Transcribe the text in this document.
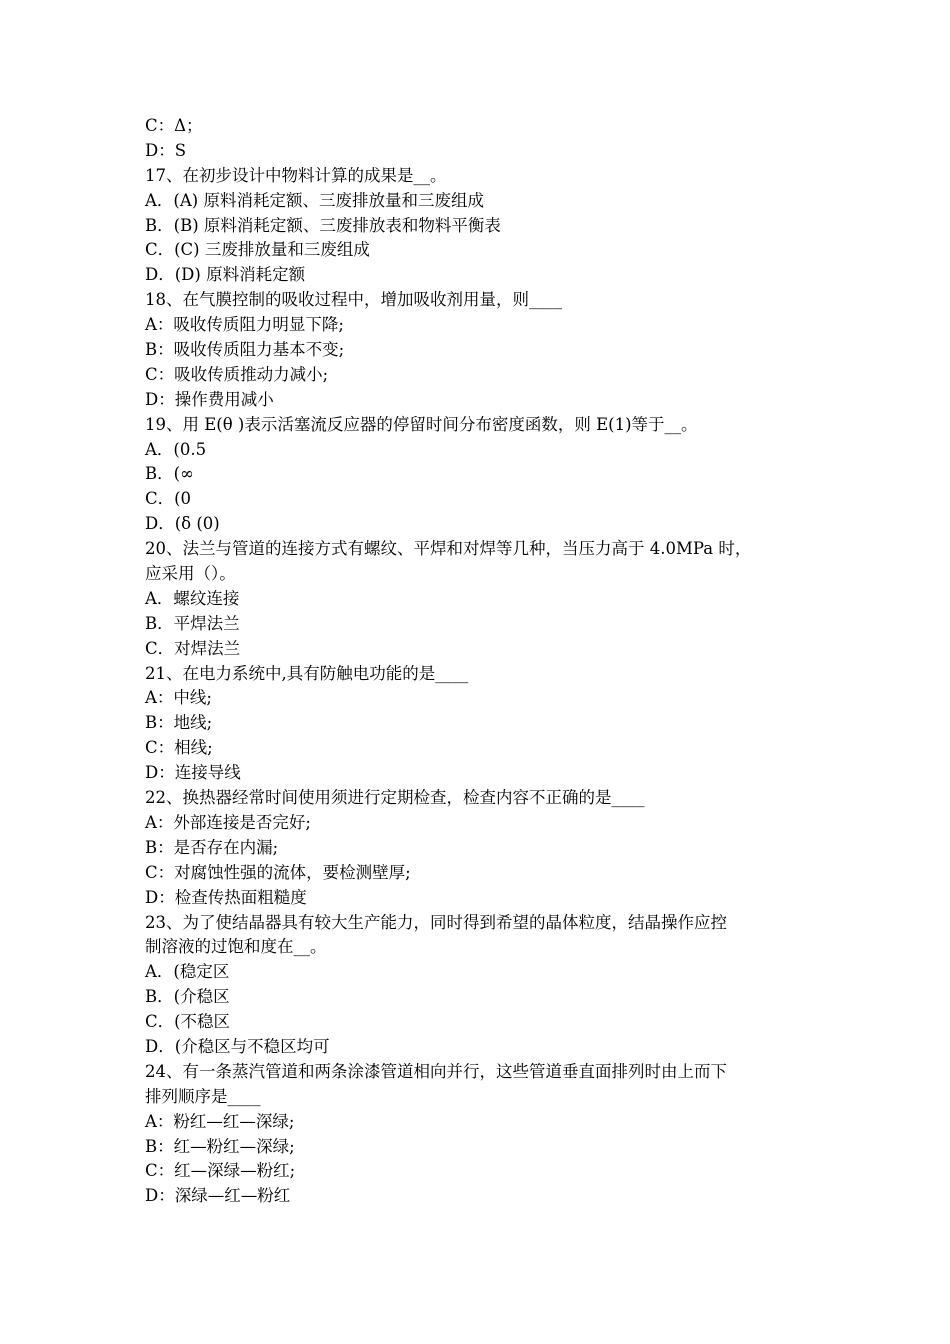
C：Δ；
D：S
17、在初步设计中物料计算的成果是__。
A．(A) 原料消耗定额、三废排放量和三废组成
B．(B) 原料消耗定额、三废排放表和物料平衡表
C．(C) 三废排放量和三废组成
D．(D) 原料消耗定额
18、在气膜控制的吸收过程中，增加吸收剂用量，则____
A：吸收传质阻力明显下降;
B：吸收传质阻力基本不变;
C：吸收传质推动力减小;
D：操作费用减小
19、用 E(θ )表示活塞流反应器的停留时间分布密度函数，则 E(1)等于__。
A．(0.5
B．(∞
C．(0
D．(δ (0)
20、法兰与管道的连接方式有螺纹、平焊和对焊等几种，当压力高于 4.0MPa 时，
应采用（）。
A．螺纹连接
B．平焊法兰
C．对焊法兰
21、在电力系统中,具有防触电功能的是____
A：中线;
B：地线;
C：相线;
D：连接导线
22、换热器经常时间使用须进行定期检查，检查内容不正确的是____
A：外部连接是否完好;
B：是否存在内漏;
C：对腐蚀性强的流体，要检测壁厚;
D：检查传热面粗糙度
23、为了使结晶器具有较大生产能力，同时得到希望的晶体粒度，结晶操作应控
制溶液的过饱和度在__。
A．(稳定区
B．(介稳区
C．(不稳区
D．(介稳区与不稳区均可
24、有一条蒸汽管道和两条涂漆管道相向并行，这些管道垂直面排列时由上而下
排列顺序是____
A：粉红—红—深绿;
B：红—粉红—深绿;
C：红—深绿—粉红;
D：深绿—红—粉红
